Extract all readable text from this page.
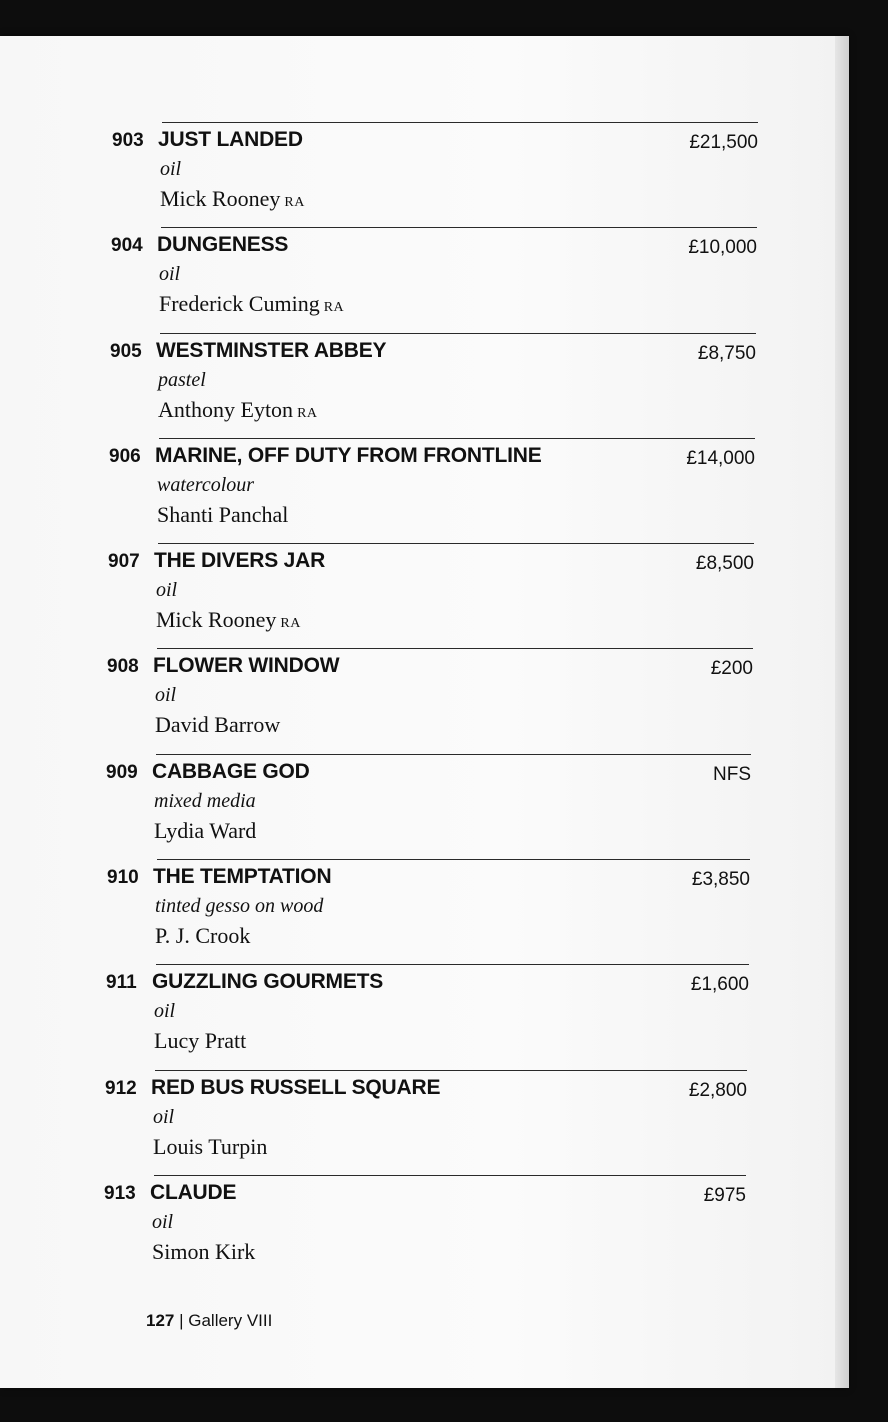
903 JUST LANDED	£21,500
oil
Mick Rooney RA
904 DUNGENESS	£10,000
oil
Frederick Cuming RA
905 WESTMINSTER ABBEY	£8,750
pastel
Anthony Eyton RA
906 MARINE, OFF DUTY FROM FRONTLINE	£14,000
watercolour
Shanti Panchal
907 THE DIVERS JAR	£8,500
oil
Mick Rooney RA
908 FLOWER WINDOW	£200
oil
David Barrow
909 CABBAGE GOD	NFS
mixed media
Lydia Ward
910 THE TEMPTATION	£3,850
tinted gesso on wood
P. J. Crook
911 GUZZLING GOURMETS	£1,600
oil
Lucy Pratt
912 RED BUS RUSSELL SQUARE	£2,800
oil
Louis Turpin
913 CLAUDE	£975
oil
Simon Kirk
127 | Gallery VIII
